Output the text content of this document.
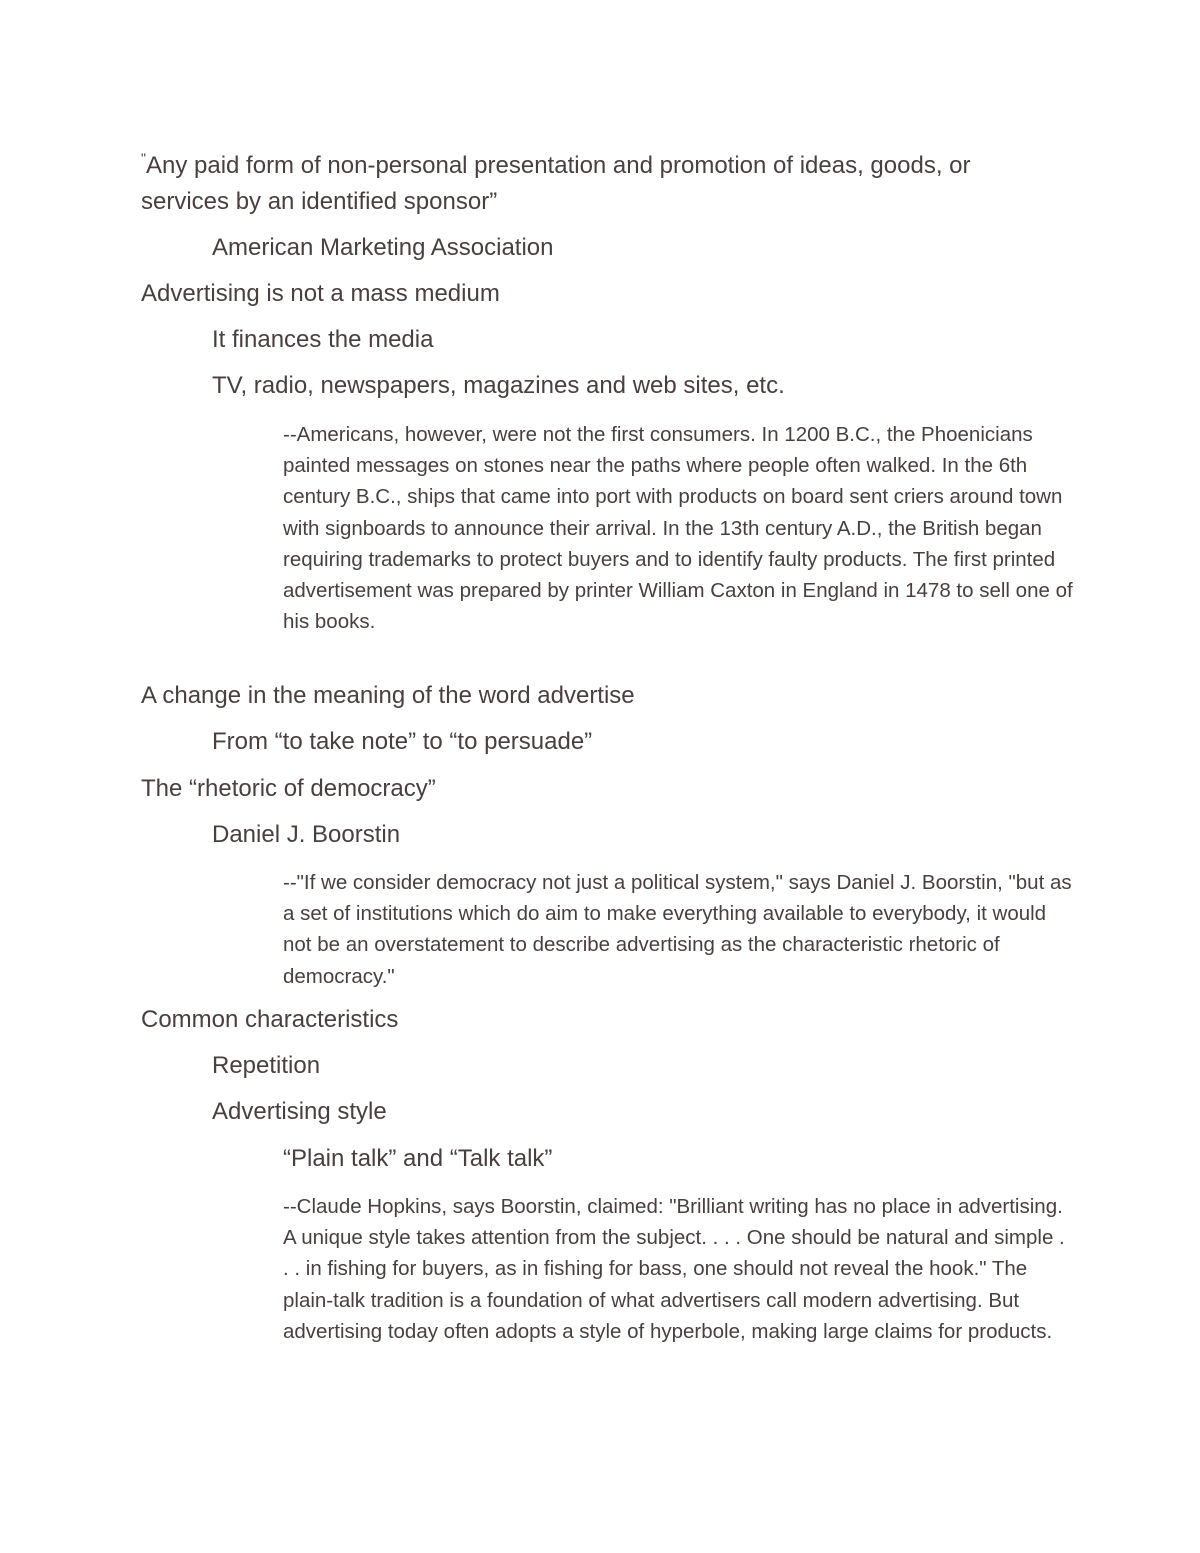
"Any paid form of non-personal presentation and promotion of ideas, goods, or services by an identified sponsor”

American Marketing Association

Advertising is not a mass medium

It finances the media

TV, radio, newspapers, magazines and web sites, etc.

--Americans, however, were not the first consumers. In 1200 B.C., the Phoenicians painted messages on stones near the paths where people often walked. In the 6th century B.C., ships that came into port with products on board sent criers around town with signboards to announce their arrival. In the 13th century A.D., the British began requiring trademarks to protect buyers and to identify faulty products. The first printed advertisement was prepared by printer William Caxton in England in 1478 to sell one of his books.

A change in the meaning of the word advertise

From “to take note” to “to persuade”

The “rhetoric of democracy”

Daniel J. Boorstin

--"If we consider democracy not just a political system," says Daniel J. Boorstin, "but as a set of institutions which do aim to make everything available to everybody, it would not be an overstatement to describe advertising as the characteristic rhetoric of democracy."

Common characteristics

Repetition

Advertising style

“Plain talk” and “Talk talk”

--Claude Hopkins, says Boorstin, claimed: "Brilliant writing has no place in advertising. A unique style takes attention from the subject. . . . One should be natural and simple . . . in fishing for buyers, as in fishing for bass, one should not reveal the hook." The plain-talk tradition is a foundation of what advertisers call modern advertising. But advertising today often adopts a style of hyperbole, making large claims for products.
